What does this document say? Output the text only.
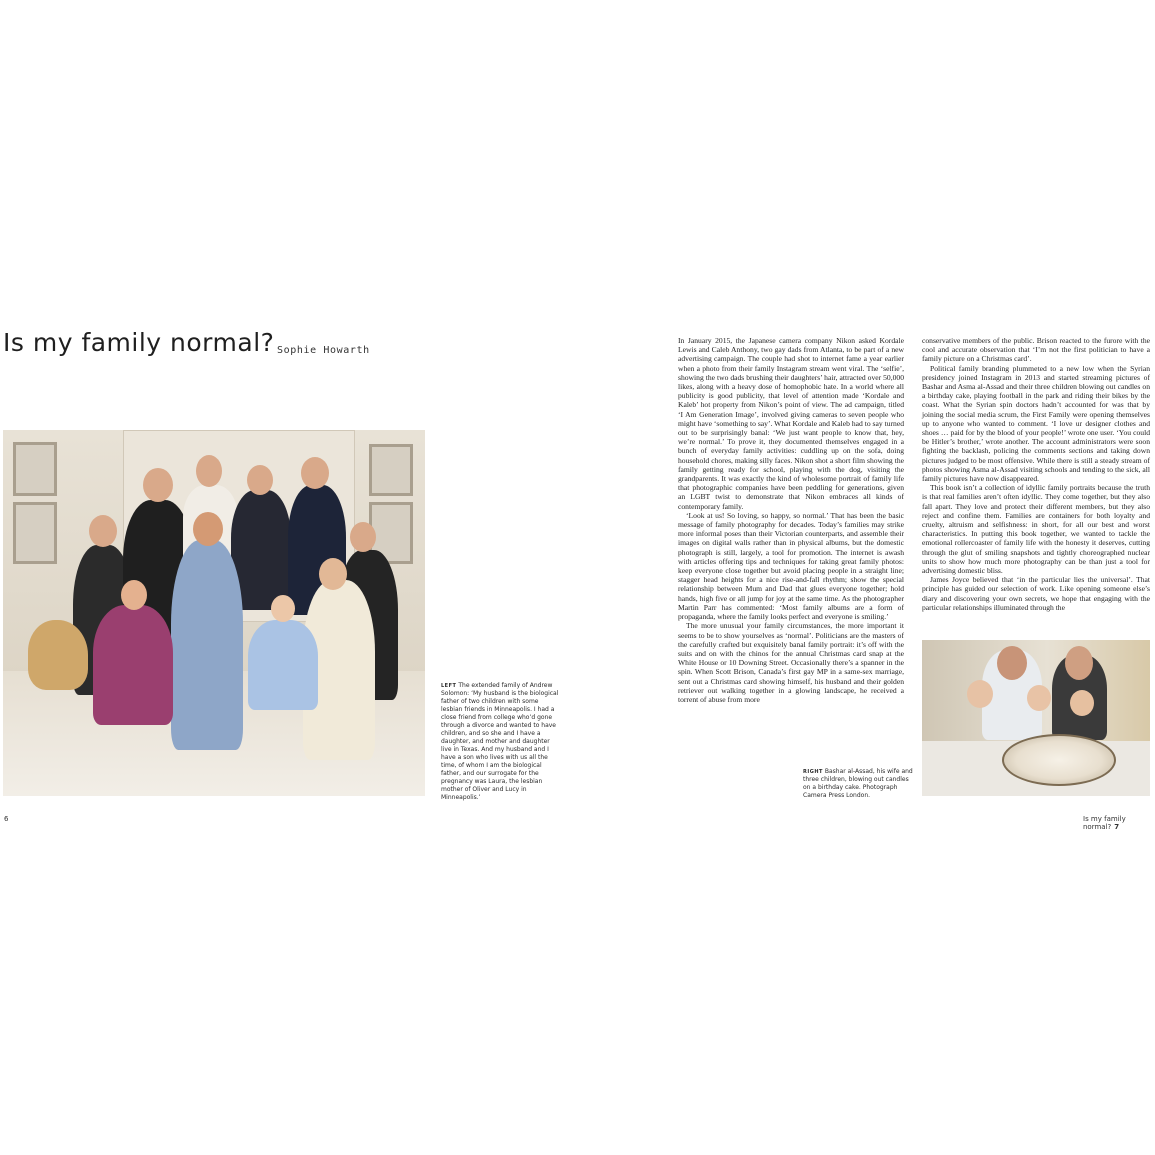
Is my family normal? Sophie Howarth
LEFT The extended family of Andrew Solomon: ‘My husband is the biological father of two children with some lesbian friends in Minneapolis. I had a close friend from college who’d gone through a divorce and wanted to have children, and so she and I have a daughter, and mother and daughter live in Texas. And my husband and I have a son who lives with us all the time, of whom I am the biological father, and our surrogate for the pregnancy was Laura, the lesbian mother of Oliver and Lucy in Minneapolis.’

In January 2015, the Japanese camera company Nikon asked Kordale Lewis and Caleb Anthony, two gay dads from Atlanta, to be part of a new advertising campaign. The couple had shot to internet fame a year earlier when a photo from their family Instagram stream went viral. The ‘selfie’, showing the two dads brushing their daughters’ hair, attracted over 50,000 likes, along with a heavy dose of homophobic hate. In a world where all publicity is good publicity, that level of attention made ‘Kordale and Kaleb’ hot property from Nikon’s point of view. The ad campaign, titled ‘I Am Generation Image’, involved giving cameras to seven people who might have ‘something to say’. What Kordale and Kaleb had to say turned out to be surprisingly banal: ‘We just want people to know that, hey, we’re normal.’ To prove it, they documented themselves engaged in a bunch of everyday family activities: cuddling up on the sofa, doing household chores, making silly faces. Nikon shot a short film showing the family getting ready for school, playing with the dog, visiting the grandparents. It was exactly the kind of wholesome portrait of family life that photographic companies have been peddling for generations, given an LGBT twist to demonstrate that Nikon embraces all kinds of contemporary family.

‘Look at us! So loving, so happy, so normal.’ That has been the basic message of family photography for decades. Today’s families may strike more informal poses than their Victorian counterparts, and assemble their images on digital walls rather than in physical albums, but the domestic photograph is still, largely, a tool for promotion. The internet is awash with articles offering tips and techniques for taking great family photos: keep everyone close together but avoid placing people in a straight line; stagger head heights for a nice rise-and-fall rhythm; show the special relationship between Mum and Dad that glues everyone together; hold hands, high five or all jump for joy at the same time. As the photographer Martin Parr has commented: ‘Most family albums are a form of propaganda, where the family looks perfect and everyone is smiling.’

The more unusual your family circumstances, the more important it seems to be to show yourselves as ‘normal’. Politicians are the masters of the carefully crafted but exquisitely banal family portrait: it’s off with the suits and on with the chinos for the annual Christmas card snap at the White House or 10 Downing Street. Occasionally there’s a spanner in the spin. When Scott Brison, Canada’s first gay MP in a same-sex marriage, sent out a Christmas card showing himself, his husband and their golden retriever out walking together in a glowing landscape, he received a torrent of abuse from more

conservative members of the public. Brison reacted to the furore with the cool and accurate observation that ‘I’m not the first politician to have a family picture on a Christmas card’.

Political family branding plummeted to a new low when the Syrian presidency joined Instagram in 2013 and started streaming pictures of Bashar and Asma al-Assad and their three children blowing out candles on a birthday cake, playing football in the park and riding their bikes by the coast. What the Syrian spin doctors hadn’t accounted for was that by joining the social media scrum, the First Family were opening themselves up to anyone who wanted to comment. ‘I love ur designer clothes and shoes … paid for by the blood of your people!’ wrote one user. ‘You could be Hitler’s brother,’ wrote another. The account administrators were soon fighting the backlash, policing the comments sections and taking down pictures judged to be most offensive. While there is still a steady stream of photos showing Asma al-Assad visiting schools and tending to the sick, all family pictures have now disappeared.

This book isn’t a collection of idyllic family portraits because the truth is that real families aren’t often idyllic. They come together, but they also fall apart. They love and protect their different members, but they also reject and confine them. Families are containers for both loyalty and cruelty, altruism and selfishness: in short, for all our best and worst characteristics. In putting this book together, we wanted to tackle the emotional rollercoaster of family life with the honesty it deserves, cutting through the glut of smiling snapshots and tightly choreographed nuclear units to show how much more photography can be than just a tool for advertising domestic bliss.

James Joyce believed that ‘in the particular lies the universal’. That principle has guided our selection of work. Like opening someone else’s diary and discovering your own secrets, we hope that engaging with the particular relationships illuminated through the

RIGHT Bashar al-Assad, his wife and three children, blowing out candles on a birthday cake. Photograph Camera Press London.
6	Is my family normal? 7
